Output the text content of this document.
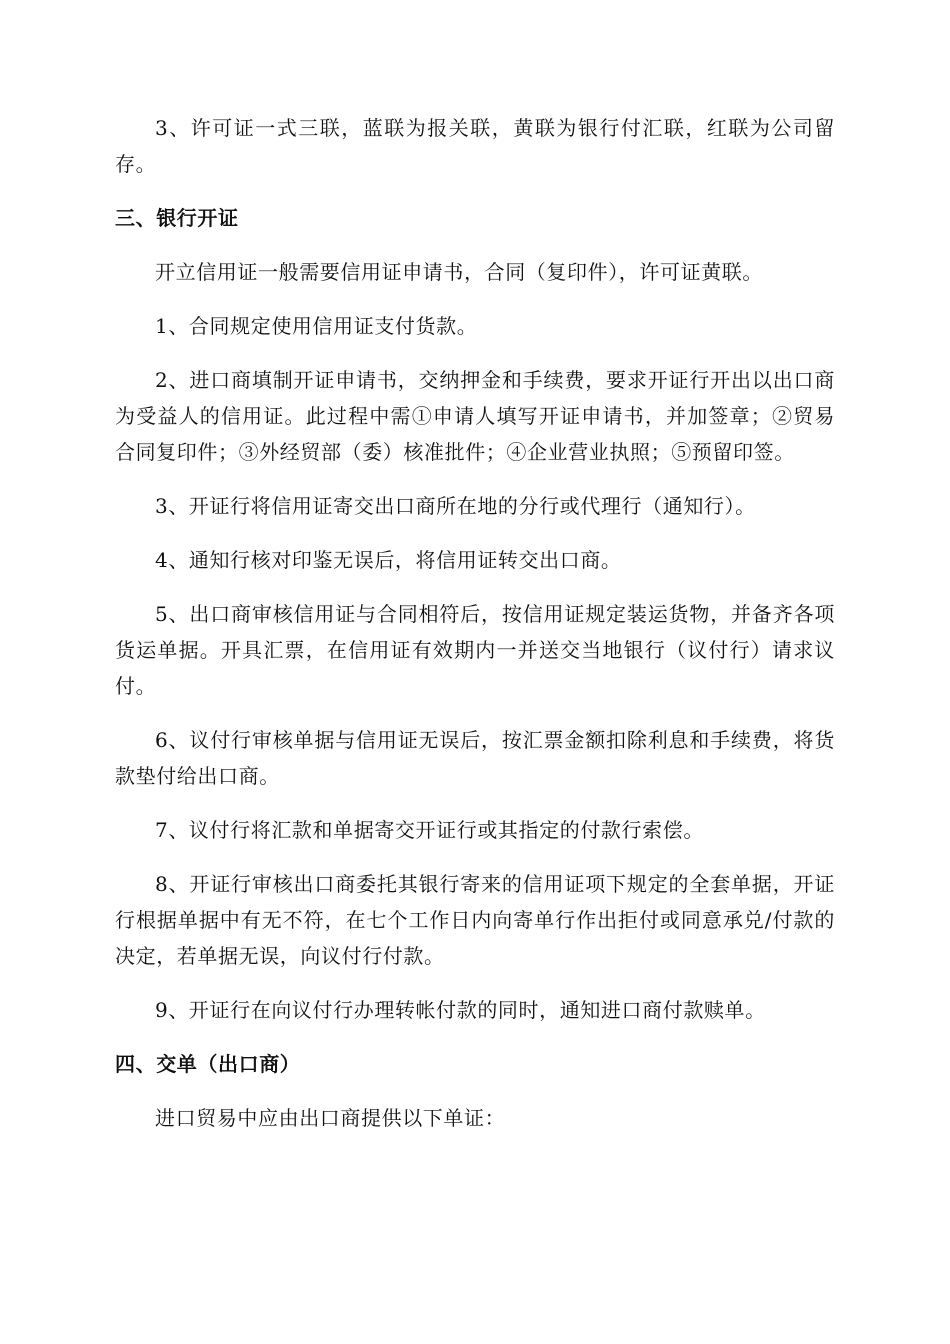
3、许可证一式三联，蓝联为报关联，黄联为银行付汇联，红联为公司留存。

三、银行开证

开立信用证一般需要信用证申请书，合同（复印件），许可证黄联。

1、合同规定使用信用证支付货款。

2、进口商填制开证申请书，交纳押金和手续费，要求开证行开出以出口商为受益人的信用证。此过程中需①申请人填写开证申请书，并加签章；②贸易合同复印件；③外经贸部（委）核准批件；④企业营业执照；⑤预留印签。

3、开证行将信用证寄交出口商所在地的分行或代理行（通知行）。

4、通知行核对印鉴无误后，将信用证转交出口商。

5、出口商审核信用证与合同相符后，按信用证规定装运货物，并备齐各项货运单据。开具汇票，在信用证有效期内一并送交当地银行（议付行）请求议付。

6、议付行审核单据与信用证无误后，按汇票金额扣除利息和手续费，将货款垫付给出口商。

7、议付行将汇款和单据寄交开证行或其指定的付款行索偿。

8、开证行审核出口商委托其银行寄来的信用证项下规定的全套单据，开证行根据单据中有无不符，在七个工作日内向寄单行作出拒付或同意承兑/付款的决定，若单据无误，向议付行付款。

9、开证行在向议付行办理转帐付款的同时，通知进口商付款赎单。

四、交单（出口商）

进口贸易中应由出口商提供以下单证：
